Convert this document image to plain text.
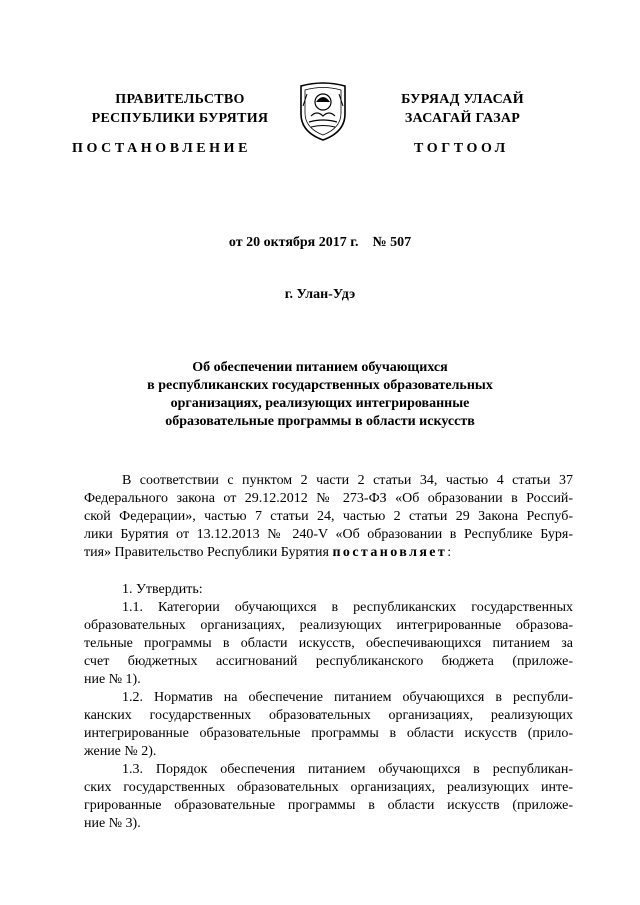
ПРАВИТЕЛЬСТВО
РЕСПУБЛИКИ БУРЯТИЯ
БУРЯАД УЛАСАЙ
ЗАСАГАЙ ГАЗАР
ПОСТАНОВЛЕНИЕ	ТОГТООЛ
от 20 октября 2017 г.    № 507
г. Улан-Удэ
Об обеспечении питанием обучающихся
в республиканских государственных образовательных
организациях, реализующих интегрированные
образовательные программы в области искусств

В соответствии с пунктом 2 части 2 статьи 34, частью 4 статьи 37

Федерального закона от 29.12.2012 № 273-ФЗ «Об образовании в Россий-

ской Федерации», частью 7 статьи 24, частью 2 статьи 29 Закона Респуб-

лики Бурятия от 13.12.2013 № 240-V «Об образовании в Республике Буря-

тия» Правительство Республики Бурятия постановляет:

1. Утвердить:

1.1. Категории обучающихся в республиканских государственных

образовательных организациях, реализующих интегрированные образова-

тельные программы в области искусств, обеспечивающихся питанием за

счет бюджетных ассигнований республиканского бюджета (приложе-

ние № 1).

1.2. Норматив на обеспечение питанием обучающихся в республи-

канских государственных образовательных организациях, реализующих

интегрированные образовательные программы в области искусств (прило-

жение № 2).

1.3. Порядок обеспечения питанием обучающихся в республикан-

ских государственных образовательных организациях, реализующих инте-

грированные образовательные программы в области искусств (приложе-

ние № 3).
